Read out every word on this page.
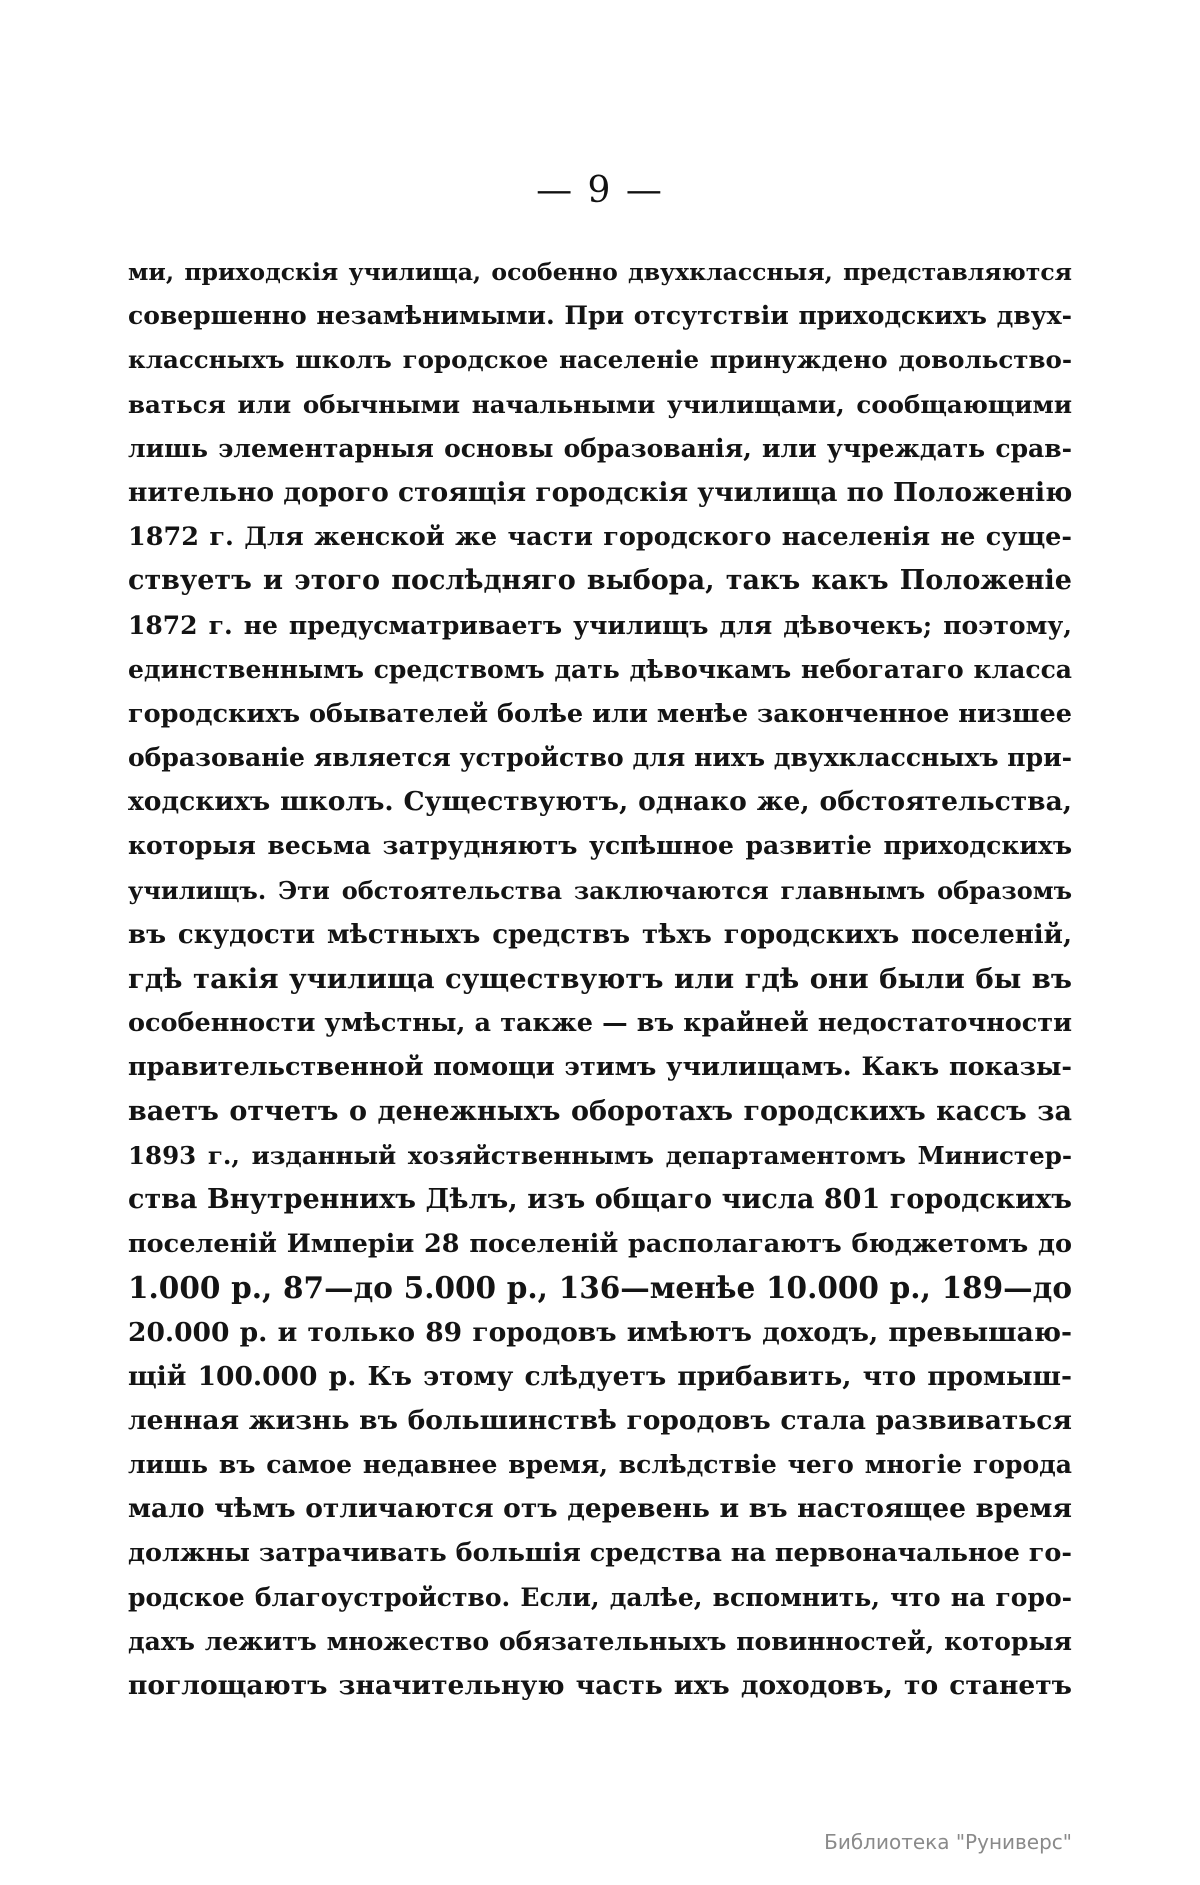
— 9 —
ми, приходскія училища, особенно двухклассныя, представляются
совершенно незамѣнимыми. При отсутствіи приходскихъ двух-
классныхъ школъ городское населеніе принуждено довольство-
ваться или обычными начальными училищами, сообщающими
лишь элементарныя основы образованія, или учреждать срав-
нительно дорого стоящія городскія училища по Положенію
1872 г. Для женской же части городского населенія не суще-
ствуетъ и этого послѣдняго выбора, такъ какъ Положеніе
1872 г. не предусматриваетъ училищъ для дѣвочекъ; поэтому,
единственнымъ средствомъ дать дѣвочкамъ небогатаго класса
городскихъ обывателей болѣе или менѣе законченное низшее
образованіе является устройство для нихъ двухклассныхъ при-
ходскихъ школъ. Существуютъ, однако же, обстоятельства,
которыя весьма затрудняютъ успѣшное развитіе приходскихъ
училищъ. Эти обстоятельства заключаются главнымъ образомъ
въ скудости мѣстныхъ средствъ тѣхъ городскихъ поселеній,
гдѣ такія училища существуютъ или гдѣ они были бы въ
особенности умѣстны, а также — въ крайней недостаточности
правительственной помощи этимъ училищамъ. Какъ показы-
ваетъ отчетъ о денежныхъ оборотахъ городскихъ кассъ за
1893 г., изданный хозяйственнымъ департаментомъ Министер-
ства Внутреннихъ Дѣлъ, изъ общаго числа 801 городскихъ
поселеній Имперіи 28 поселеній располагаютъ бюджетомъ до
1.000 р., 87—до 5.000 р., 136—менѣе 10.000 р., 189—до
20.000 р. и только 89 городовъ имѣютъ доходъ, превышаю-
щій 100.000 р. Къ этому слѣдуетъ прибавить, что промыш-
ленная жизнь въ большинствѣ городовъ стала развиваться
лишь въ самое недавнее время, вслѣдствіе чего многіе города
мало чѣмъ отличаются отъ деревень и въ настоящее время
должны затрачивать большія средства на первоначальное го-
родское благоустройство. Если, далѣе, вспомнить, что на горо-
дахъ лежитъ множество обязательныхъ повинностей, которыя
поглощаютъ значительную часть ихъ доходовъ, то станетъ
Библиотека "Руниверс"
